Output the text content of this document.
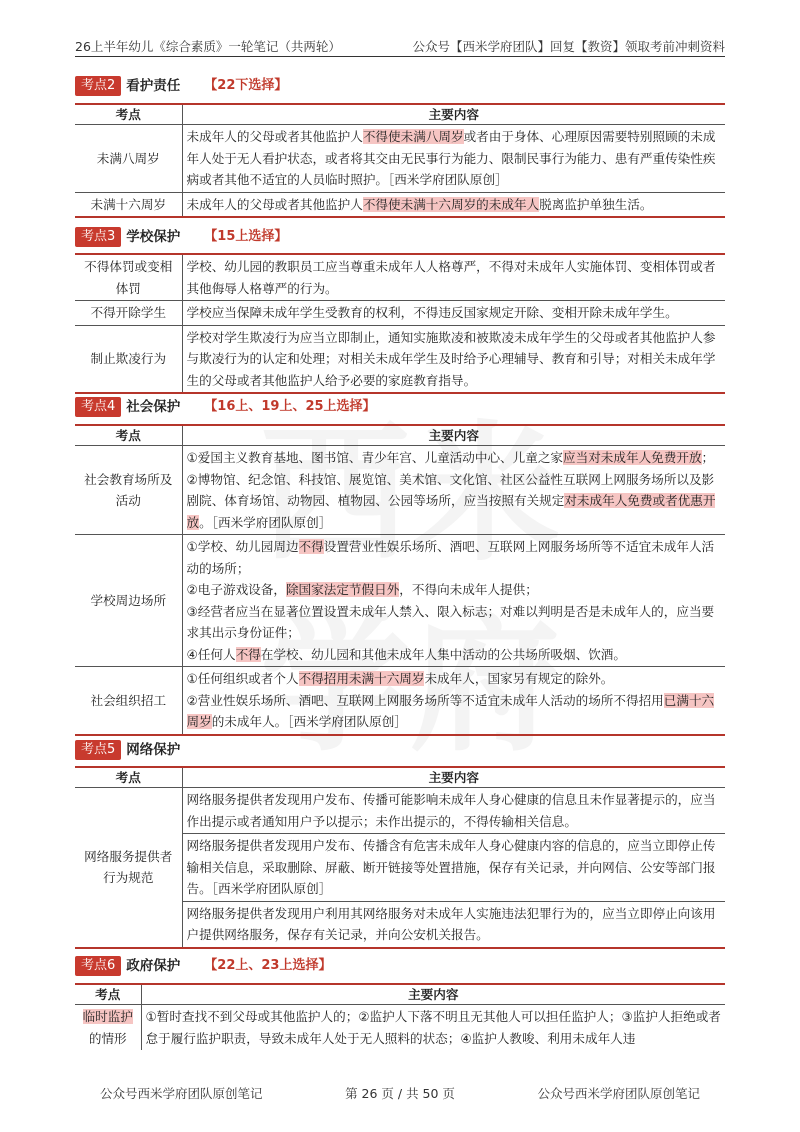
26上半年幼儿《综合素质》一轮笔记（共两轮）	公众号【西米学府团队】回复【教资】领取考前冲刺资料
考点2 看护责任 【22下选择】
考点	主要内容
未满八周岁	未成年人的父母或者其他监护人不得使未满八周岁或者由于身体、心理原因需要特别照顾的未成年人处于无人看护状态，或者将其交由无民事行为能力、限制民事行为能力、患有严重传染性疾病或者其他不适宜的人员临时照护。［西米学府团队原创］
未满十六周岁	未成年人的父母或者其他监护人不得使未满十六周岁的未成年人脱离监护单独生活。
考点3 学校保护 【15上选择】
不得体罚或变相体罚	学校、幼儿园的教职员工应当尊重未成年人人格尊严，不得对未成年人实施体罚、变相体罚或者其他侮辱人格尊严的行为。
不得开除学生	学校应当保障未成年学生受教育的权利，不得违反国家规定开除、变相开除未成年学生。
制止欺凌行为	学校对学生欺凌行为应当立即制止，通知实施欺凌和被欺凌未成年学生的父母或者其他监护人参与欺凌行为的认定和处理；对相关未成年学生及时给予心理辅导、教育和引导；对相关未成年学生的父母或者其他监护人给予必要的家庭教育指导。
考点4 社会保护 【16上、19上、25上选择】
考点	主要内容
社会教育场所及活动	①爱国主义教育基地、图书馆、青少年宫、儿童活动中心、儿童之家应当对未成年人免费开放；②博物馆、纪念馆、科技馆、展览馆、美术馆、文化馆、社区公益性互联网上网服务场所以及影剧院、体育场馆、动物园、植物园、公园等场所，应当按照有关规定对未成年人免费或者优惠开放。［西米学府团队原创］
学校周边场所	①学校、幼儿园周边不得设置营业性娱乐场所、酒吧、互联网上网服务场所等不适宜未成年人活动的场所；
②电子游戏设备，除国家法定节假日外，不得向未成年人提供；
③经营者应当在显著位置设置未成年人禁入、限入标志；对难以判明是否是未成年人的，应当要求其出示身份证件；
④任何人不得在学校、幼儿园和其他未成年人集中活动的公共场所吸烟、饮酒。

社会组织招工	①任何组织或者个人不得招用未满十六周岁未成年人，国家另有规定的除外。
②营业性娱乐场所、酒吧、互联网上网服务场所等不适宜未成年人活动的场所不得招用已满十六周岁的未成年人。［西米学府团队原创］
考点5 网络保护
考点	主要内容
网络服务提供者行为规范	网络服务提供者发现用户发布、传播可能影响未成年人身心健康的信息且未作显著提示的，应当作出提示或者通知用户予以提示；未作出提示的，不得传输相关信息。
	网络服务提供者发现用户发布、传播含有危害未成年人身心健康内容的信息的，应当立即停止传输相关信息，采取删除、屏蔽、断开链接等处置措施，保存有关记录，并向网信、公安等部门报告。［西米学府团队原创］
	网络服务提供者发现用户利用其网络服务对未成年人实施违法犯罪行为的，应当立即停止向该用户提供网络服务，保存有关记录，并向公安机关报告。
考点6 政府保护 【22上、23上选择】
考点	主要内容
临时监护的情形	①暂时查找不到父母或其他监护人的；②监护人下落不明且无其他人可以担任监护人；③监护人拒绝或者怠于履行监护职责，导致未成年人处于无人照料的状态；④监护人教唆、利用未成年人违
公众号西米学府团队原创笔记	第 26 页 / 共 50 页	公众号西米学府团队原创笔记
